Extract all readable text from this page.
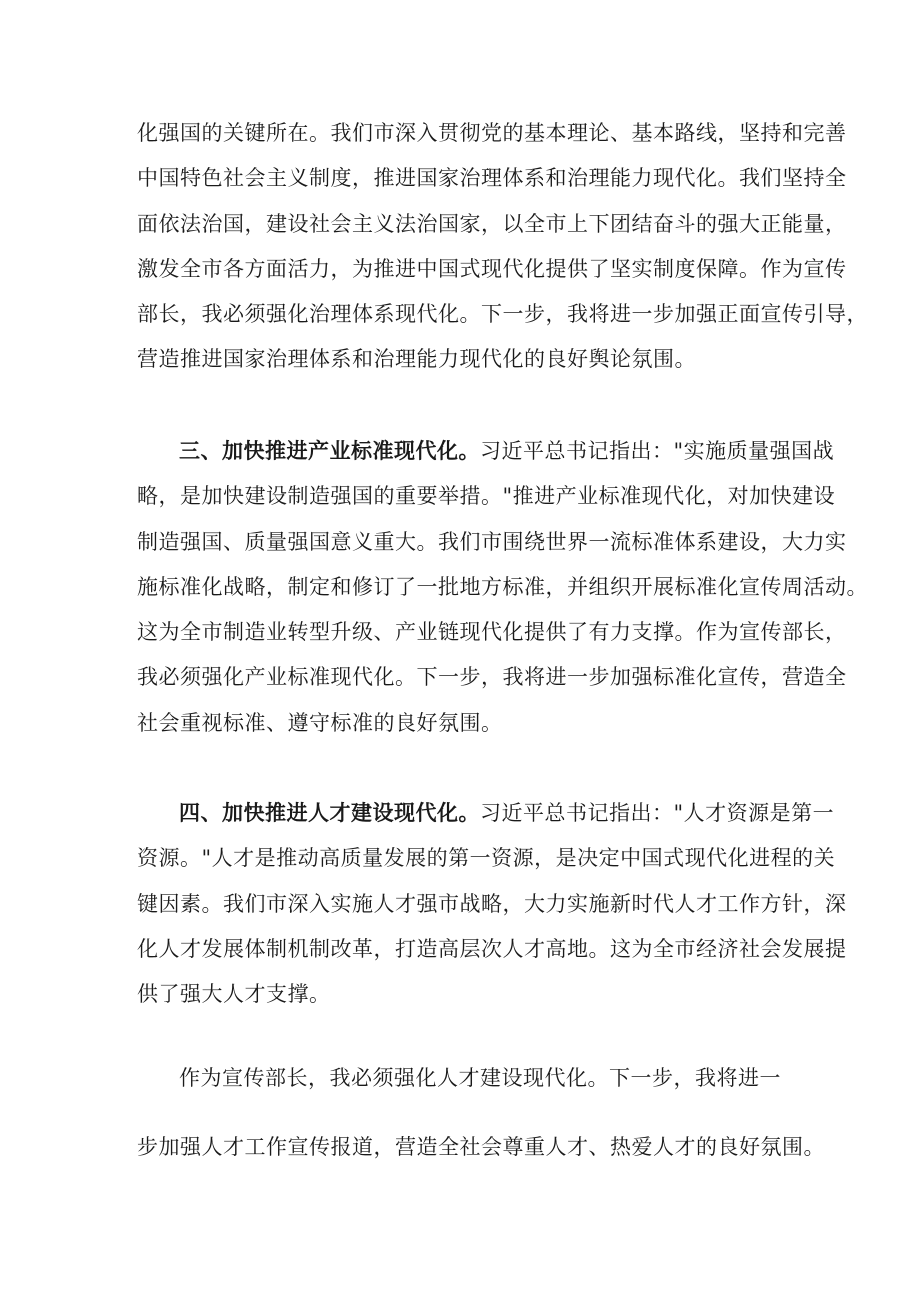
化强国的关键所在。我们市深入贯彻党的基本理论、基本路线，坚持和完善
中国特色社会主义制度，推进国家治理体系和治理能力现代化。我们坚持全
面依法治国，建设社会主义法治国家，以全市上下团结奋斗的强大正能量，
激发全市各方面活力，为推进中国式现代化提供了坚实制度保障。作为宣传
部长，我必须强化治理体系现代化。下一步，我将进一步加强正面宣传引导，
营造推进国家治理体系和治理能力现代化的良好舆论氛围。

三、加快推进产业标准现代化。习近平总书记指出："实施质量强国战
略，是加快建设制造强国的重要举措。"推进产业标准现代化，对加快建设
制造强国、质量强国意义重大。我们市围绕世界一流标准体系建设，大力实
施标准化战略，制定和修订了一批地方标准，并组织开展标准化宣传周活动。
这为全市制造业转型升级、产业链现代化提供了有力支撑。作为宣传部长，
我必须强化产业标准现代化。下一步，我将进一步加强标准化宣传，营造全
社会重视标准、遵守标准的良好氛围。

四、加快推进人才建设现代化。习近平总书记指出："人才资源是第一
资源。"人才是推动高质量发展的第一资源，是决定中国式现代化进程的关
键因素。我们市深入实施人才强市战略，大力实施新时代人才工作方针，深
化人才发展体制机制改革，打造高层次人才高地。这为全市经济社会发展提
供了强大人才支撑。

作为宣传部长，我必须强化人才建设现代化。下一步，我将进一

步加强人才工作宣传报道，营造全社会尊重人才、热爱人才的良好氛围。
